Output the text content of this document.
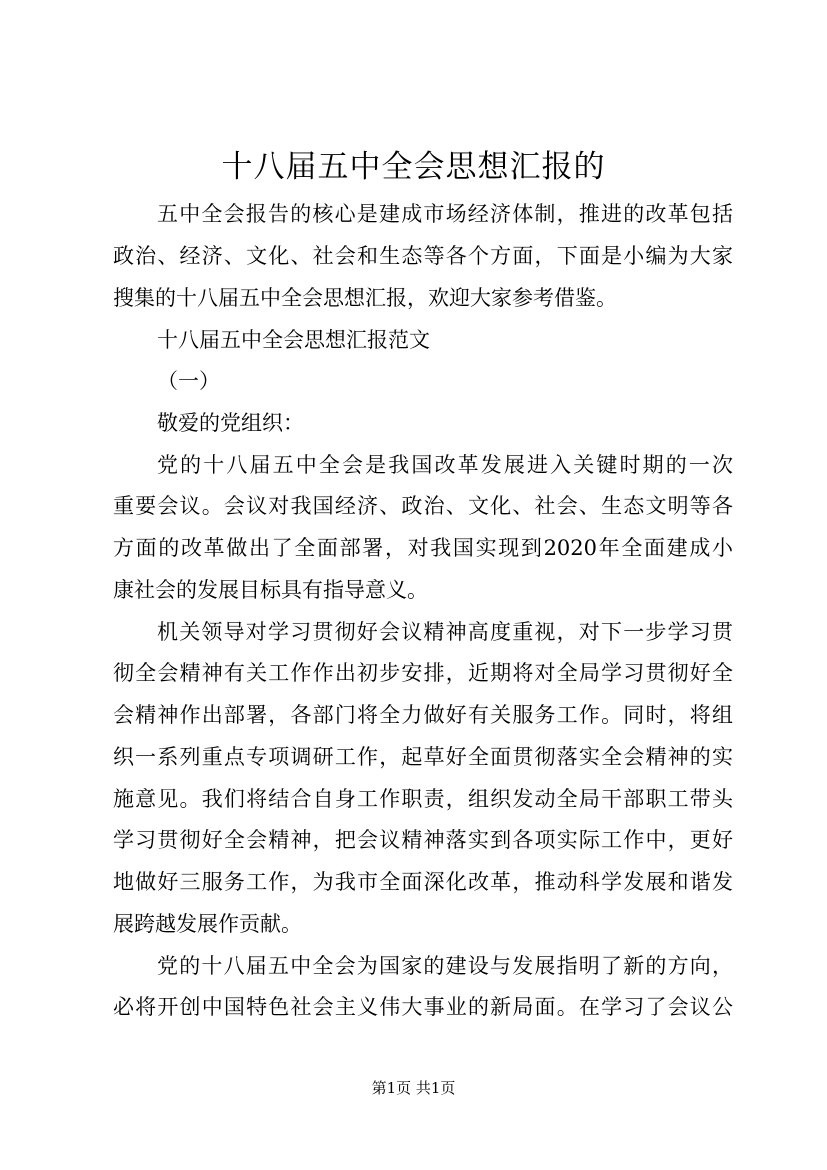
十八届五中全会思想汇报的

五中全会报告的核心是建成市场经济体制，推进的改革包括

政治、经济、文化、社会和生态等各个方面，下面是小编为大家

搜集的十八届五中全会思想汇报，欢迎大家参考借鉴。

十八届五中全会思想汇报范文

（一）

敬爱的党组织：

党的十八届五中全会是我国改革发展进入关键时期的一次

重要会议。会议对我国经济、政治、文化、社会、生态文明等各

方面的改革做出了全面部署，对我国实现到2020年全面建成小

康社会的发展目标具有指导意义。

机关领导对学习贯彻好会议精神高度重视，对下一步学习贯

彻全会精神有关工作作出初步安排，近期将对全局学习贯彻好全

会精神作出部署，各部门将全力做好有关服务工作。同时，将组

织一系列重点专项调研工作，起草好全面贯彻落实全会精神的实

施意见。我们将结合自身工作职责，组织发动全局干部职工带头

学习贯彻好全会精神，把会议精神落实到各项实际工作中，更好

地做好三服务工作，为我市全面深化改革，推动科学发展和谐发

展跨越发展作贡献。

党的十八届五中全会为国家的建设与发展指明了新的方向，

必将开创中国特色社会主义伟大事业的新局面。在学习了会议公

第1页 共1页
